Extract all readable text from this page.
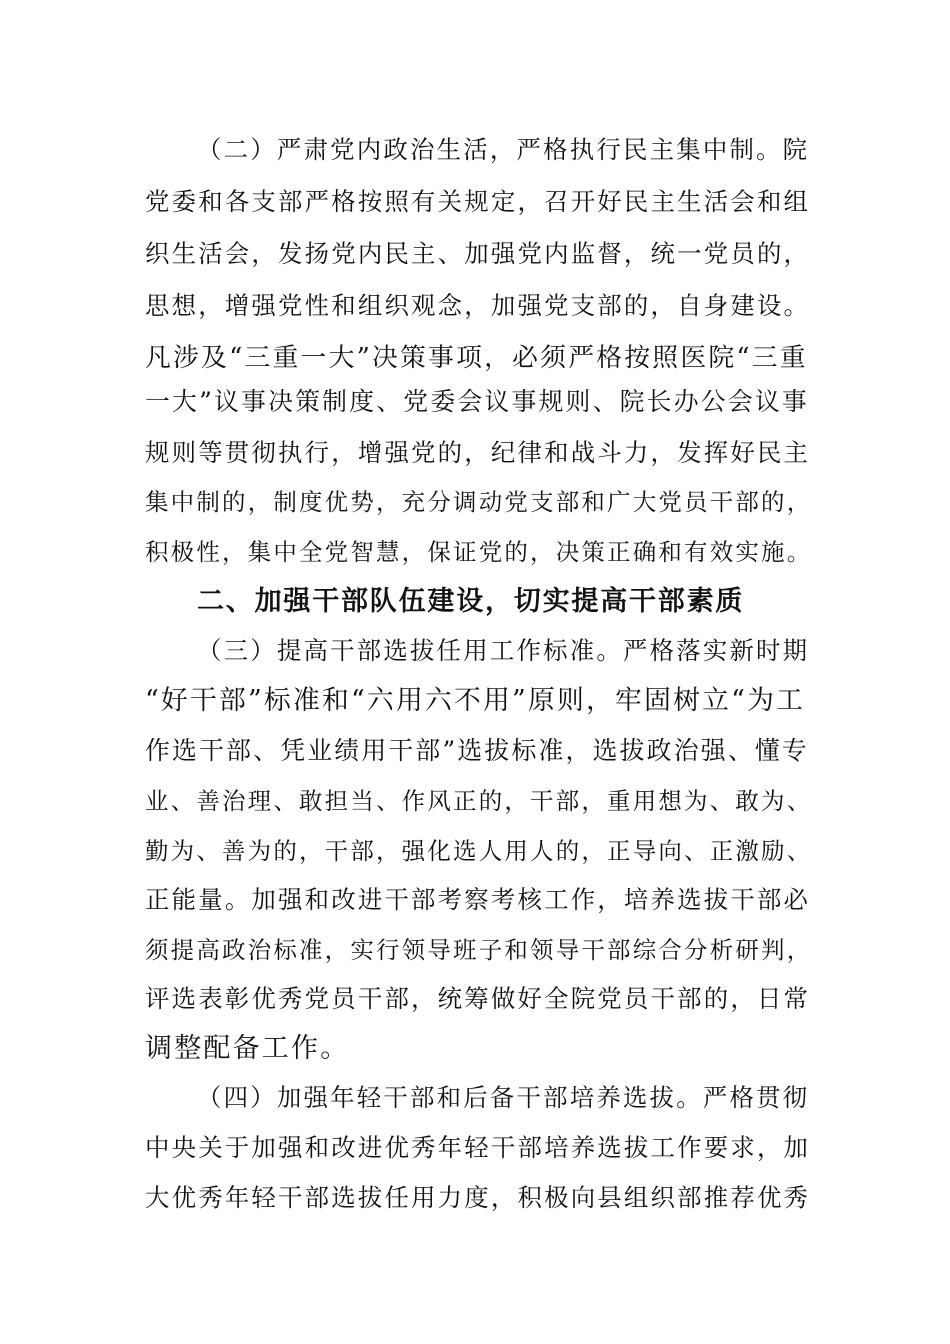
（二）严肃党内政治生活，严格执行民主集中制。院
党委和各支部严格按照有关规定，召开好民主生活会和组
织生活会，发扬党内民主、加强党内监督，统一党员的，
思想，增强党性和组织观念，加强党支部的，自身建设。
凡涉及“三重一大”决策事项，必须严格按照医院“三重
一大”议事决策制度、党委会议事规则、院长办公会议事
规则等贯彻执行，增强党的，纪律和战斗力，发挥好民主
集中制的，制度优势，充分调动党支部和广大党员干部的，
积极性，集中全党智慧，保证党的，决策正确和有效实施。
二、加强干部队伍建设，切实提高干部素质
（三）提高干部选拔任用工作标准。严格落实新时期
“好干部”标准和“六用六不用”原则，牢固树立“为工
作选干部、凭业绩用干部”选拔标准，选拔政治强、懂专
业、善治理、敢担当、作风正的，干部，重用想为、敢为、
勤为、善为的，干部，强化选人用人的，正导向、正激励、
正能量。加强和改进干部考察考核工作，培养选拔干部必
须提高政治标准，实行领导班子和领导干部综合分析研判，
评选表彰优秀党员干部，统筹做好全院党员干部的，日常
调整配备工作。
（四）加强年轻干部和后备干部培养选拔。严格贯彻
中央关于加强和改进优秀年轻干部培养选拔工作要求，加
大优秀年轻干部选拔任用力度，积极向县组织部推荐优秀
